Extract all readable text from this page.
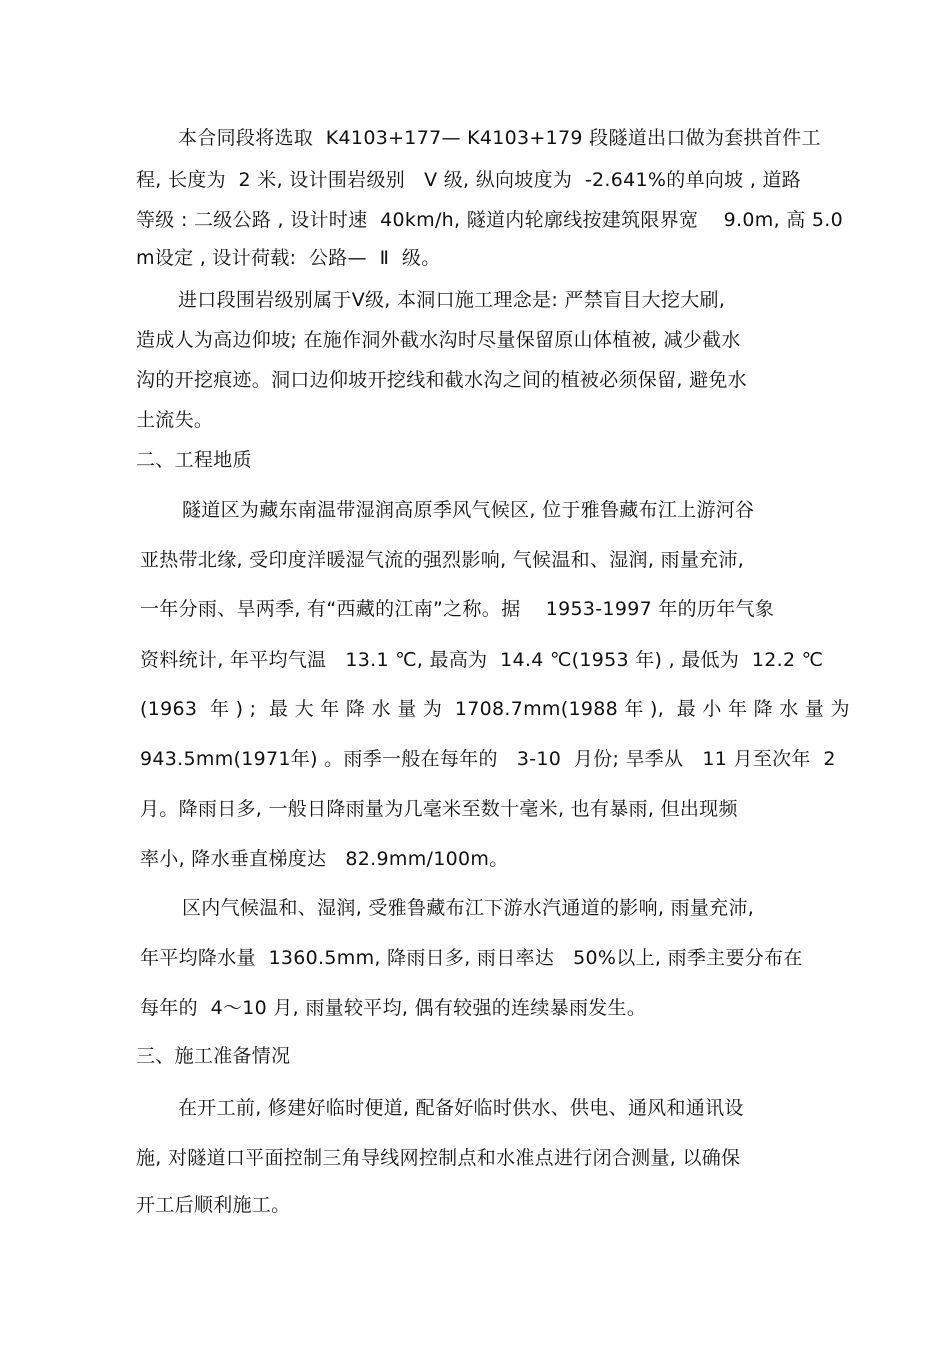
本合同段将选取  K4103+177— K4103+179 段隧道出口做为套拱首件工
程, 长度为  2 米, 设计围岩级别   V 级, 纵向坡度为  -2.641%的单向坡 , 道路
等级 : 二级公路 , 设计时速  40km/h, 隧道内轮廓线按建筑限界宽    9.0m, 高 5.0
m设定 , 设计荷载:  公路—  Ⅱ  级。
进口段围岩级别属于Ⅴ级, 本洞口施工理念是: 严禁盲目大挖大刷,
造成人为高边仰坡; 在施作洞外截水沟时尽量保留原山体植被, 减少截水
沟的开挖痕迹。洞口边仰坡开挖线和截水沟之间的植被必须保留, 避免水
土流失。
二、工程地质
隧道区为藏东南温带湿润高原季风气候区, 位于雅鲁藏布江上游河谷
亚热带北缘, 受印度洋暖湿气流的强烈影响, 气候温和、湿润, 雨量充沛,
一年分雨、旱两季, 有“西藏的江南”之称。据    1953-1997 年的历年气象
资料统计, 年平均气温   13.1 ℃, 最高为  14.4 ℃(1953 年) , 最低为  12.2 ℃
(1963  年 ) ;  最 大 年 降 水 量 为  1708.7mm(1988 年 ),  最 小 年 降 水 量 为
943.5mm(1971年) 。雨季一般在每年的   3-10  月份; 旱季从   11 月至次年  2
月。降雨日多, 一般日降雨量为几毫米至数十毫米, 也有暴雨, 但出现频
率小, 降水垂直梯度达   82.9mm/100m。
区内气候温和、湿润, 受雅鲁藏布江下游水汽通道的影响, 雨量充沛,
年平均降水量  1360.5mm, 降雨日多, 雨日率达   50%以上, 雨季主要分布在
每年的  4～10 月, 雨量较平均, 偶有较强的连续暴雨发生。
三、施工准备情况
在开工前, 修建好临时便道, 配备好临时供水、供电、通风和通讯设
施, 对隧道口平面控制三角导线网控制点和水准点进行闭合测量, 以确保
开工后顺利施工。
